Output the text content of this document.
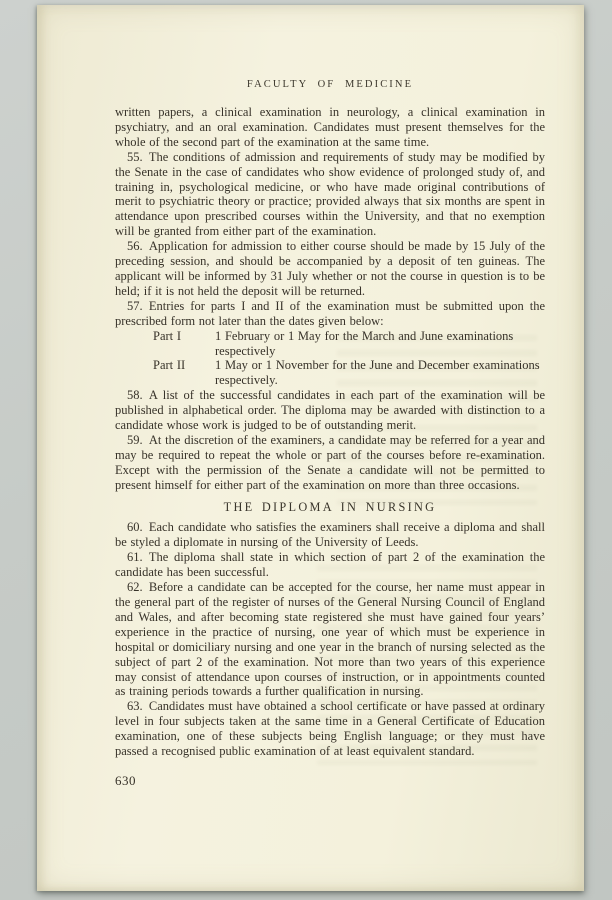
FACULTY OF MEDICINE

written papers, a clinical examination in neurology, a clinical examination in psychiatry, and an oral examination. Candidates must present themselves for the whole of the second part of the examination at the same time.

55. The conditions of admission and requirements of study may be modified by the Senate in the case of candidates who show evidence of prolonged study of, and training in, psychological medicine, or who have made original contributions of merit to psychiatric theory or practice; provided always that six months are spent in attendance upon prescribed courses within the University, and that no exemption will be granted from either part of the examination.

56. Application for admission to either course should be made by 15 July of the preceding session, and should be accompanied by a deposit of ten guineas. The applicant will be informed by 31 July whether or not the course in question is to be held; if it is not held the deposit will be returned.

57. Entries for parts I and II of the examination must be submitted upon the prescribed form not later than the dates given below:

Part I	1 February or 1 May for the March and June examinations
respectively
Part II 1 May or 1 November for the June and December examinations
respectively.

58. A list of the successful candidates in each part of the examination will be published in alphabetical order. The diploma may be awarded with distinction to a candidate whose work is judged to be of outstanding merit.

59. At the discretion of the examiners, a candidate may be referred for a year and may be required to repeat the whole or part of the courses before re-examination. Except with the permission of the Senate a candidate will not be permitted to present himself for either part of the examination on more than three occasions.

THE DIPLOMA IN NURSING

60. Each candidate who satisfies the examiners shall receive a diploma and shall be styled a diplomate in nursing of the University of Leeds.

61. The diploma shall state in which section of part 2 of the examination the candidate has been successful.

62. Before a candidate can be accepted for the course, her name must appear in the general part of the register of nurses of the General Nursing Council of England and Wales, and after becoming state registered she must have gained four years’ experience in the practice of nursing, one year of which must be experience in hospital or domiciliary nursing and one year in the branch of nursing selected as the subject of part 2 of the examination. Not more than two years of this experience may consist of attendance upon courses of instruction, or in appointments counted as training periods towards a further qualification in nursing.

63. Candidates must have obtained a school certificate or have passed at ordinary level in four subjects taken at the same time in a General Certificate of Education examination, one of these subjects being English language; or they must have passed a recognised public examination of at least equivalent standard.

630
